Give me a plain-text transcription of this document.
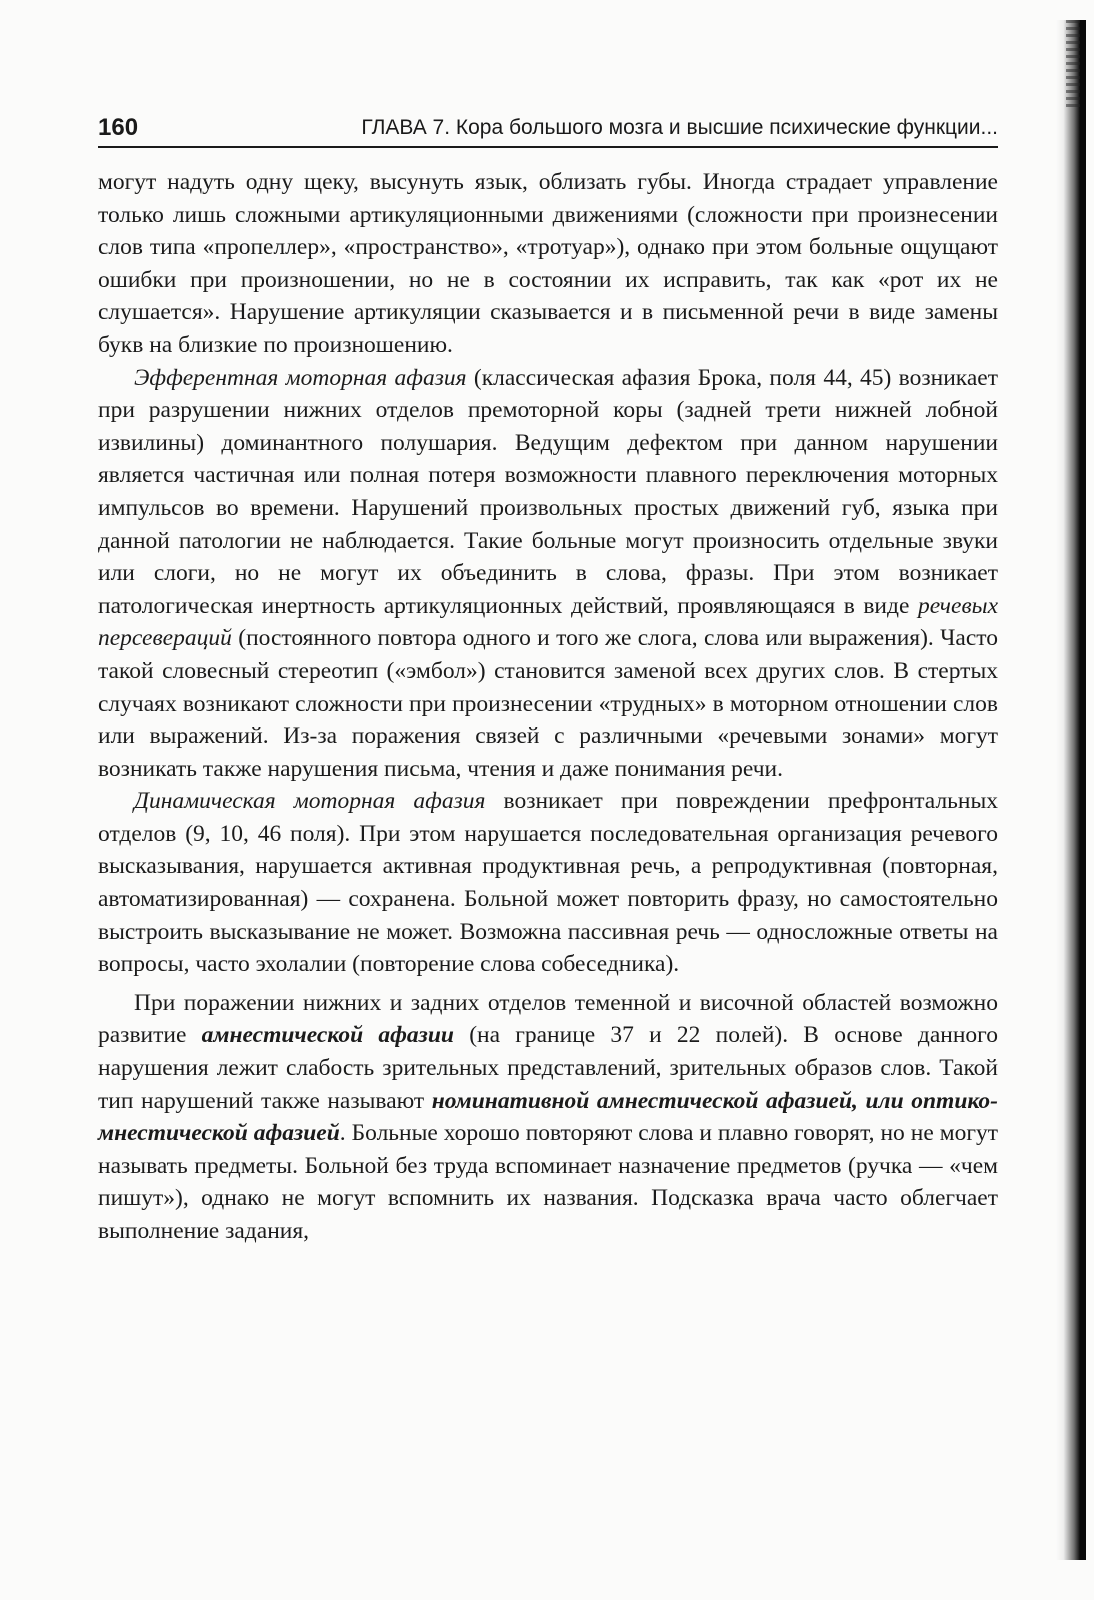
160	ГЛАВА 7. Кора большого мозга и высшие психические функции...

могут надуть одну щеку, высунуть язык, облизать губы. Иногда страдает управление только лишь сложными артикуляционными движениями (сложности при произнесении слов типа «пропеллер», «пространство», «тротуар»), однако при этом больные ощущают ошибки при произношении, но не в состоянии их исправить, так как «рот их не слушается». Нарушение артикуляции сказывается и в письменной речи в виде замены букв на близкие по произношению.

Эфферентная моторная афазия (классическая афазия Брока, поля 44, 45) возникает при разрушении нижних отделов премоторной коры (задней трети нижней лобной извилины) доминантного полушария. Ведущим дефектом при данном нарушении является частичная или полная потеря возможности плавного переключения моторных импульсов во времени. Нарушений произвольных простых движений губ, языка при данной патологии не наблюдается. Такие больные могут произносить отдельные звуки или слоги, но не могут их объединить в слова, фразы. При этом возникает патологическая инертность артикуляционных действий, проявляющаяся в виде речевых персевераций (постоянного повтора одного и того же слога, слова или выражения). Часто такой словесный стереотип («эмбол») становится заменой всех других слов. В стертых случаях возникают сложности при произнесении «трудных» в моторном отношении слов или выражений. Из-за поражения связей с различными «речевыми зонами» могут возникать также нарушения письма, чтения и даже понимания речи.

Динамическая моторная афазия возникает при повреждении префронтальных отделов (9, 10, 46 поля). При этом нарушается последовательная организация речевого высказывания, нарушается активная продуктивная речь, а репродуктивная (повторная, автоматизированная) — сохранена. Больной может повторить фразу, но самостоятельно выстроить высказывание не может. Возможна пассивная речь — односложные ответы на вопросы, часто эхолалии (повторение слова собеседника).

При поражении нижних и задних отделов теменной и височной областей возможно развитие амнестической афазии (на границе 37 и 22 полей). В основе данного нарушения лежит слабость зрительных представлений, зрительных образов слов. Такой тип нарушений также называют номинативной амнестической афазией, или оптико-мнестической афазией. Больные хорошо повторяют слова и плавно говорят, но не могут называть предметы. Больной без труда вспоминает назначение предметов (ручка — «чем пишут»), однако не могут вспомнить их названия. Подсказка врача часто облегчает выполнение задания,
